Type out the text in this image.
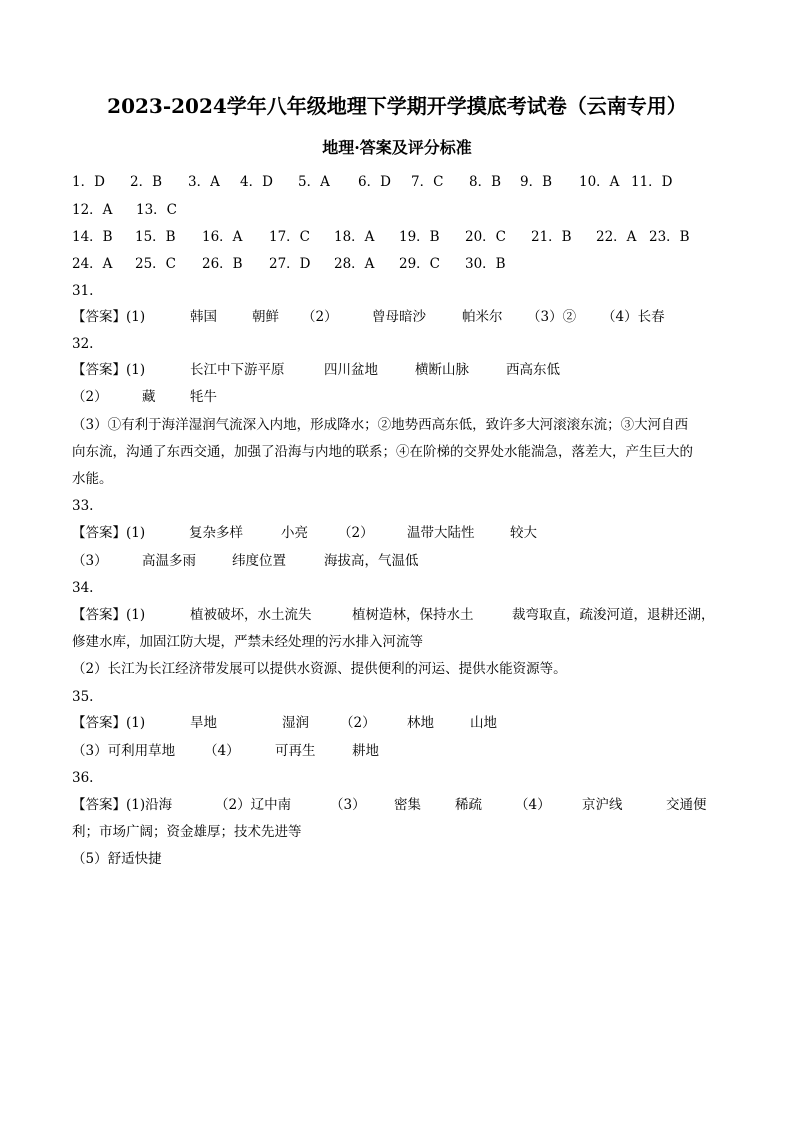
2023-2024学年八年级地理下学期开学摸底考试卷（云南专用）
地理·答案及评分标准
1．D 2．B 3．A 4．D 5．A 6．D 7．C 8．B 9．B 10．A 11．D
12．A 13．C
14．B 15．B 16．A 17．C 18．A 19．B 20．C 21．B 22．A 23．B
24．A 25．C 26．B 27．D 28．A 29．C 30．B
31.
【答案】(1)	韩国	朝鲜 （2）	曾母暗沙	帕米尔 （3）② （4）长春
32.
【答案】(1)	长江中下游平原	四川盆地	横断山脉	西高东低
（2）	藏	牦牛
（3）①有利于海洋湿润气流深入内地，形成降水；②地势西高东低，致许多大河滚滚东流；③大河自西
向东流，沟通了东西交通，加强了沿海与内地的联系；④在阶梯的交界处水能湍急，落差大，产生巨大的
水能。
33.
【答案】(1)	复杂多样	小亮 （2） 温带大陆性	较大
（3）	高温多雨	纬度位置	海拔高，气温低
34.
【答案】(1)	植被破坏，水土流失	植树造林，保持水土	裁弯取直，疏浚河道，退耕还湖，
修建水库，加固江防大堤，严禁未经处理的污水排入河流等
（2）长江为长江经济带发展可以提供水资源、提供便利的河运、提供水能资源等。
35.
【答案】(1)	旱地	湿润 （2） 林地	山地
（3）可利用草地 （4）	可再生	耕地
36.
【答案】(1)沿海	（2）辽中南	（3） 密集	稀疏 （4） 京沪线	交通便
利；市场广阔；资金雄厚；技术先进等
（5）舒适快捷
